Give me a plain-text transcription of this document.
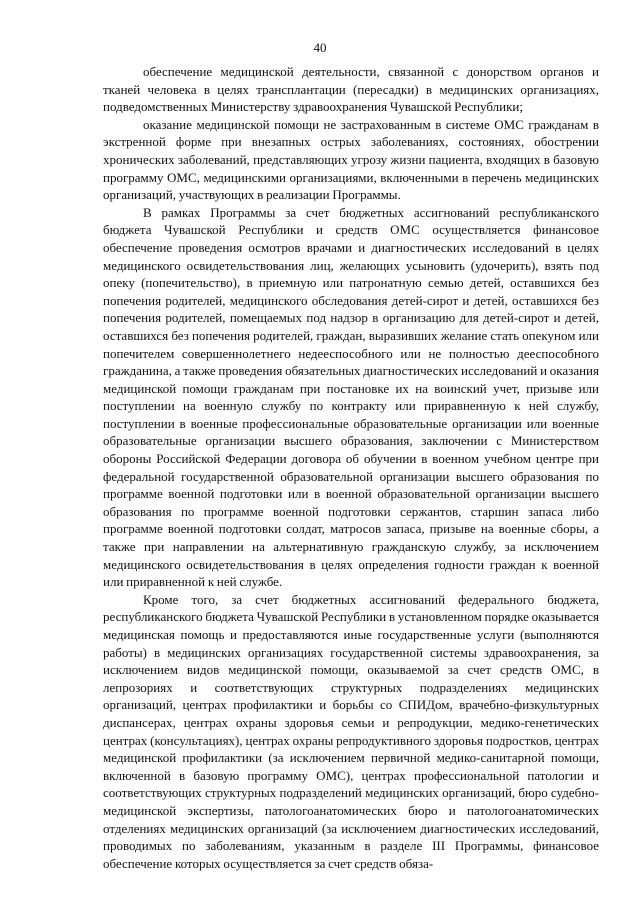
40

обеспечение медицинской деятельности, связанной с донорством органов и тканей человека в целях трансплантации (пересадки) в медицинских организациях, подведомственных Министерству здравоохранения Чувашской Республики;

оказание медицинской помощи не застрахованным в системе ОМС гражданам в экстренной форме при внезапных острых заболеваниях, состояниях, обострении хронических заболеваний, представляющих угрозу жизни пациента, входящих в базовую программу ОМС, медицинскими организациями, включенными в перечень медицинских организаций, участвующих в реализации Программы.

В рамках Программы за счет бюджетных ассигнований республиканского бюджета Чувашской Республики и средств ОМС осуществляется финансовое обеспечение проведения осмотров врачами и диагностических исследований в целях медицинского освидетельствования лиц, желающих усыновить (удочерить), взять под опеку (попечительство), в приемную или патронатную семью детей, оставшихся без попечения родителей, медицинского обследования детей-сирот и детей, оставшихся без попечения родителей, помещаемых под надзор в организацию для детей-сирот и детей, оставшихся без попечения родителей, граждан, выразивших желание стать опекуном или попечителем совершеннолетнего недееспособного или не полностью дееспособного гражданина, а также проведения обязательных диагностических исследований и оказания медицинской помощи гражданам при постановке их на воинский учет, призыве или поступлении на военную службу по контракту или приравненную к ней службу, поступлении в военные профессиональные образовательные организации или военные образовательные организации высшего образования, заключении с Министерством обороны Российской Федерации договора об обучении в военном учебном центре при федеральной государственной образовательной организации высшего образования по программе военной подготовки или в военной образовательной организации высшего образования по программе военной подготовки сержантов, старшин запаса либо программе военной подготовки солдат, матросов запаса, призыве на военные сборы, а также при направлении на альтернативную гражданскую службу, за исключением медицинского освидетельствования в целях определения годности граждан к военной или приравненной к ней службе.

Кроме того, за счет бюджетных ассигнований федерального бюджета, республиканского бюджета Чувашской Республики в установленном порядке оказывается медицинская помощь и предоставляются иные государственные услуги (выполняются работы) в медицинских организациях государственной системы здравоохранения, за исключением видов медицинской помощи, оказываемой за счет средств ОМС, в лепрозориях и соответствующих структурных подразделениях медицинских организаций, центрах профилактики и борьбы со СПИДом, врачебно-физкультурных диспансерах, центрах охраны здоровья семьи и репродукции, медико-генетических центрах (консультациях), центрах охраны репродуктивного здоровья подростков, центрах медицинской профилактики (за исключением первичной медико-санитарной помощи, включенной в базовую программу ОМС), центрах профессиональной патологии и соответствующих структурных подразделений медицинских организаций, бюро судебно-медицинской экспертизы, патологоанатомических бюро и патологоанатомических отделениях медицинских организаций (за исключением диагностических исследований, проводимых по заболеваниям, указанным в разделе III Программы, финансовое обеспечение которых осуществляется за счет средств обяза-
